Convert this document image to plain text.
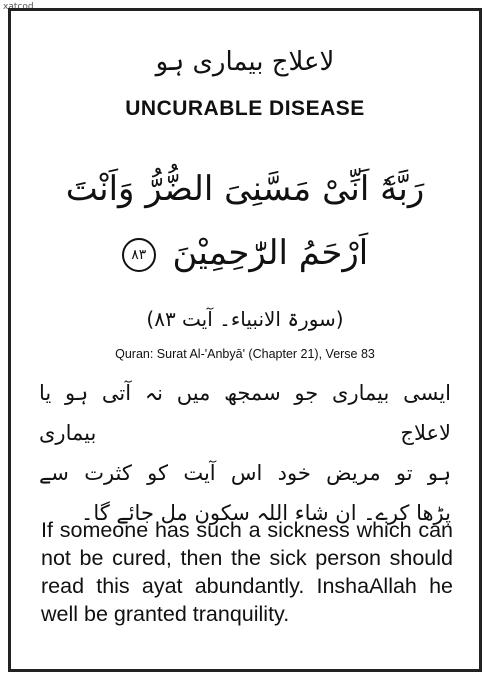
xatcod
لاعلاج بیماری ہو
UNCURABLE DISEASE
رَبَّهٗٓ اَنِّیْ مَسَّنِیَ الضُّرُّ وَاَنْتَ اَرْحَمُ الرّٰحِمِیْنَ ٨٣
(سورۃ الانبیاء۔ آیت ٨٣)
Quran: Surat Al-'Anbyā' (Chapter 21), Verse 83
ایسی بیماری جو سمجھ میں نہ آتی ہو یا لاعلاج بیماری
ہو تو مریض خود اس آیت کو کثرت سے
پڑھا کرے۔ ان شاء اللہ سکون مل جائے گا۔
If someone has such a sickness which can not be cured, then the sick person should read this ayat abundantly. InshaAllah he well be granted tranquility.
